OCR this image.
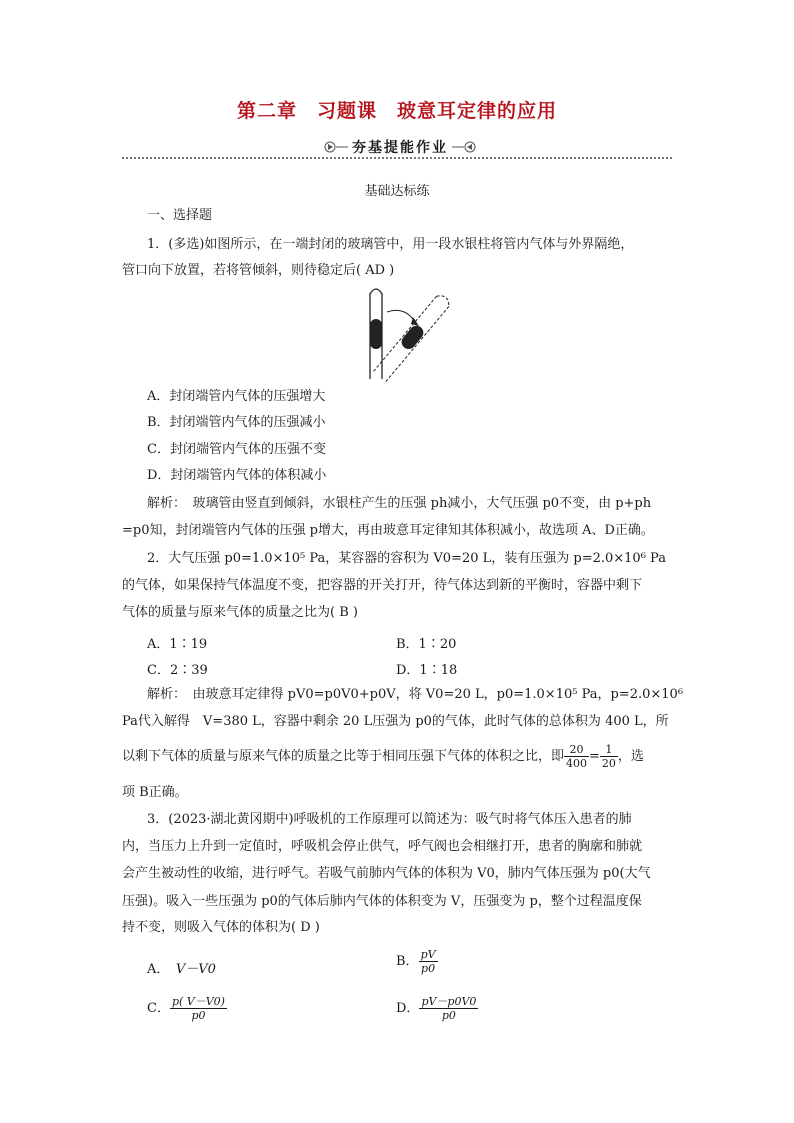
第二章　习题课　玻意耳定律的应用
夯基提能作业
基础达标练
一、选择题
1．(多选)如图所示，在一端封闭的玻璃管中，用一段水银柱将管内气体与外界隔绝，
管口向下放置，若将管倾斜，则待稳定后( AD )
A．封闭端管内气体的压强增大
B．封闭端管内气体的压强减小
C．封闭端管内气体的压强不变
D．封闭端管内气体的体积减小
解析：  玻璃管由竖直到倾斜，水银柱产生的压强 ph减小，大气压强 p0不变，由 p+ph
=p0知，封闭端管内气体的压强 p增大，再由玻意耳定律知其体积减小，故选项 A、D正确。
2．大气压强 p0=1.0×10⁵ Pa，某容器的容积为 V0=20 L，装有压强为 p=2.0×10⁶ Pa
的气体，如果保持气体温度不变，把容器的开关打开，待气体达到新的平衡时，容器中剩下
气体的质量与原来气体的质量之比为( B )
A．1∶19	B．1∶20
C．2∶39	D．1∶18
解析：  由玻意耳定律得 pV0=p0V0+p0V，将 V0=20 L，p0=1.0×10⁵ Pa，p=2.0×10⁶
Pa代入解得　V=380 L，容器中剩余 20 L压强为 p0的气体，此时气体的总体积为 400 L，所
以剩下气体的质量与原来气体的质量之比等于相同压强下气体的体积之比，即 $\frac{20}{400} = \frac{1}{20}$ ，选
项 B正确。
3．(2023·湖北黄冈期中)呼吸机的工作原理可以简述为：吸气时将气体压入患者的肺
内，当压力上升到一定值时，呼吸机会停止供气，呼气阀也会相继打开，患者的胸廓和肺就
会产生被动性的收缩，进行呼气。若吸气前肺内气体的体积为 V0，肺内气体压强为 p0(大气
压强)。吸入一些压强为 p0的气体后肺内气体的体积变为 V，压强变为 p，整个过程温度保
持不变，则吸入气体的体积为( D )
A．  V－V0
B． $\frac{pV}{p0}$
C． $\frac{p( V-V0)}{p0}$	D． $\frac{pV-p0V0}{p0}$
